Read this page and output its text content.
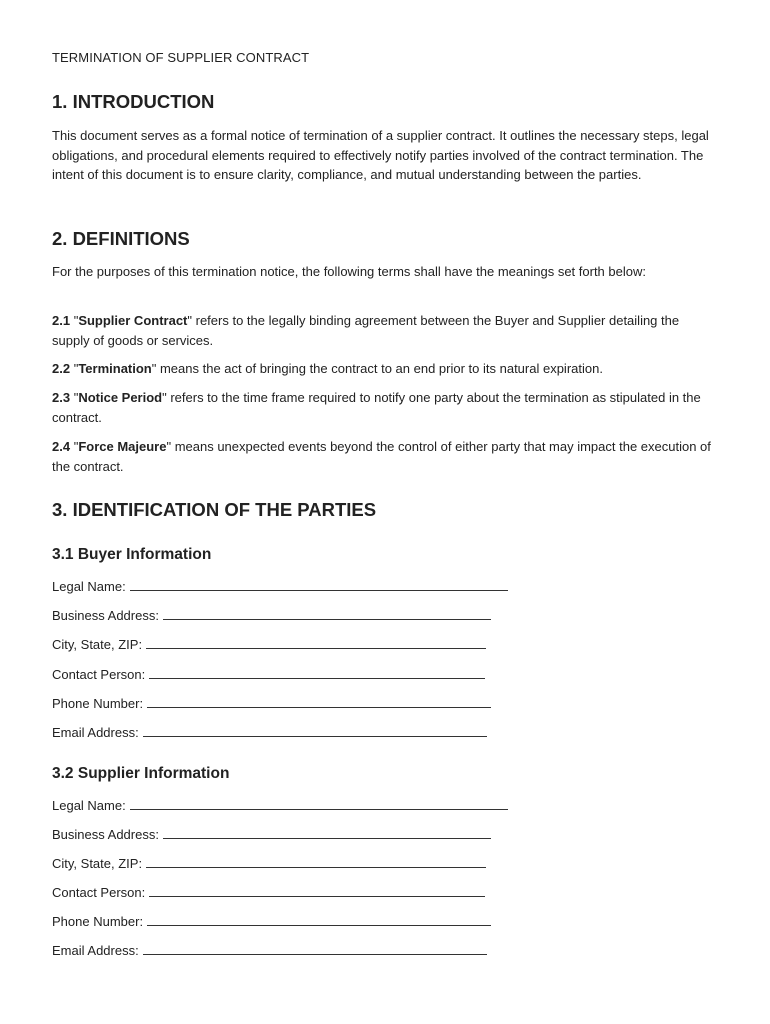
TERMINATION OF SUPPLIER CONTRACT
1. INTRODUCTION

This document serves as a formal notice of termination of a supplier contract. It outlines the necessary steps, legal obligations, and procedural elements required to effectively notify parties involved of the contract termination. The intent of this document is to ensure clarity, compliance, and mutual understanding between the parties.

2. DEFINITIONS

For the purposes of this termination notice, the following terms shall have the meanings set forth below:

2.1 "Supplier Contract" refers to the legally binding agreement between the Buyer and Supplier detailing the supply of goods or services.

2.2 "Termination" means the act of bringing the contract to an end prior to its natural expiration.

2.3 "Notice Period" refers to the time frame required to notify one party about the termination as stipulated in the contract.

2.4 "Force Majeure" means unexpected events beyond the control of either party that may impact the execution of the contract.

3. IDENTIFICATION OF THE PARTIES
3.1 Buyer Information
Legal Name:
Business Address:
City, State, ZIP:
Contact Person:
Phone Number:
Email Address:
3.2 Supplier Information
Legal Name:
Business Address:
City, State, ZIP:
Contact Person:
Phone Number:
Email Address:
